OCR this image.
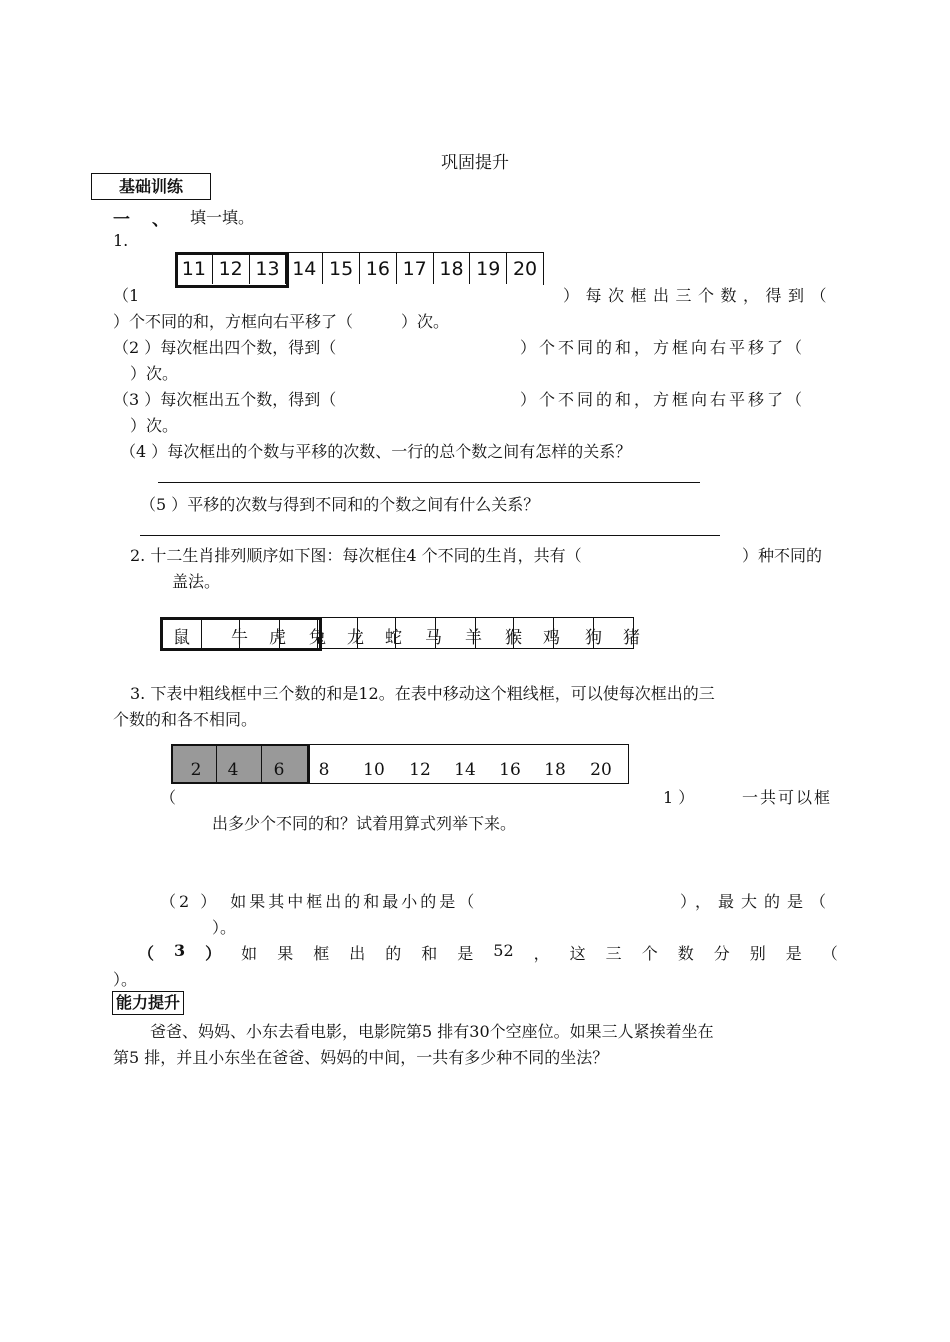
巩固提升
基础训练
一 、 填一填。
1.
11 12 13 14 15 16 17 18 19 20
（1	）每次框出三个数，得到（
）个不同的和，方框向右平移了（　　　）次。
（2 ）每次框出四个数，得到（	）个不同的和，方框向右平移了（
）次。
（3 ）每次框出五个数，得到（	）个不同的和，方框向右平移了（
）次。
（4 ）每次框出的个数与平移的次数、一行的总个数之间有怎样的关系？
（5 ）平移的次数与得到不同和的个数之间有什么关系？
2. 十二生肖排列顺序如下图：每次框住4 个不同的生肖，共有（	）种不同的
盖法。
鼠 牛 虎 兔 龙 蛇 马 羊 猴 鸡 狗 猪
3. 下表中粗线框中三个数的和是12。在表中移动这个粗线框，可以使每次框出的三
个数的和各不相同。
2	4	6	8	10	12	14	16	18	20
（	1 ）	一共可以框
出多少个不同的和？试着用算式列举下来。
（2 ）　如果其中框出的和最小的是（	），最大的是（
）。
（ 3 ） 如 果 框 出 的 和 是 52 ， 这 三 个 数 分 别 是 （
）。
能力提升
爸爸、妈妈、小东去看电影，电影院第5 排有30个空座位。如果三人紧挨着坐在
第5 排，并且小东坐在爸爸、妈妈的中间，一共有多少种不同的坐法？
